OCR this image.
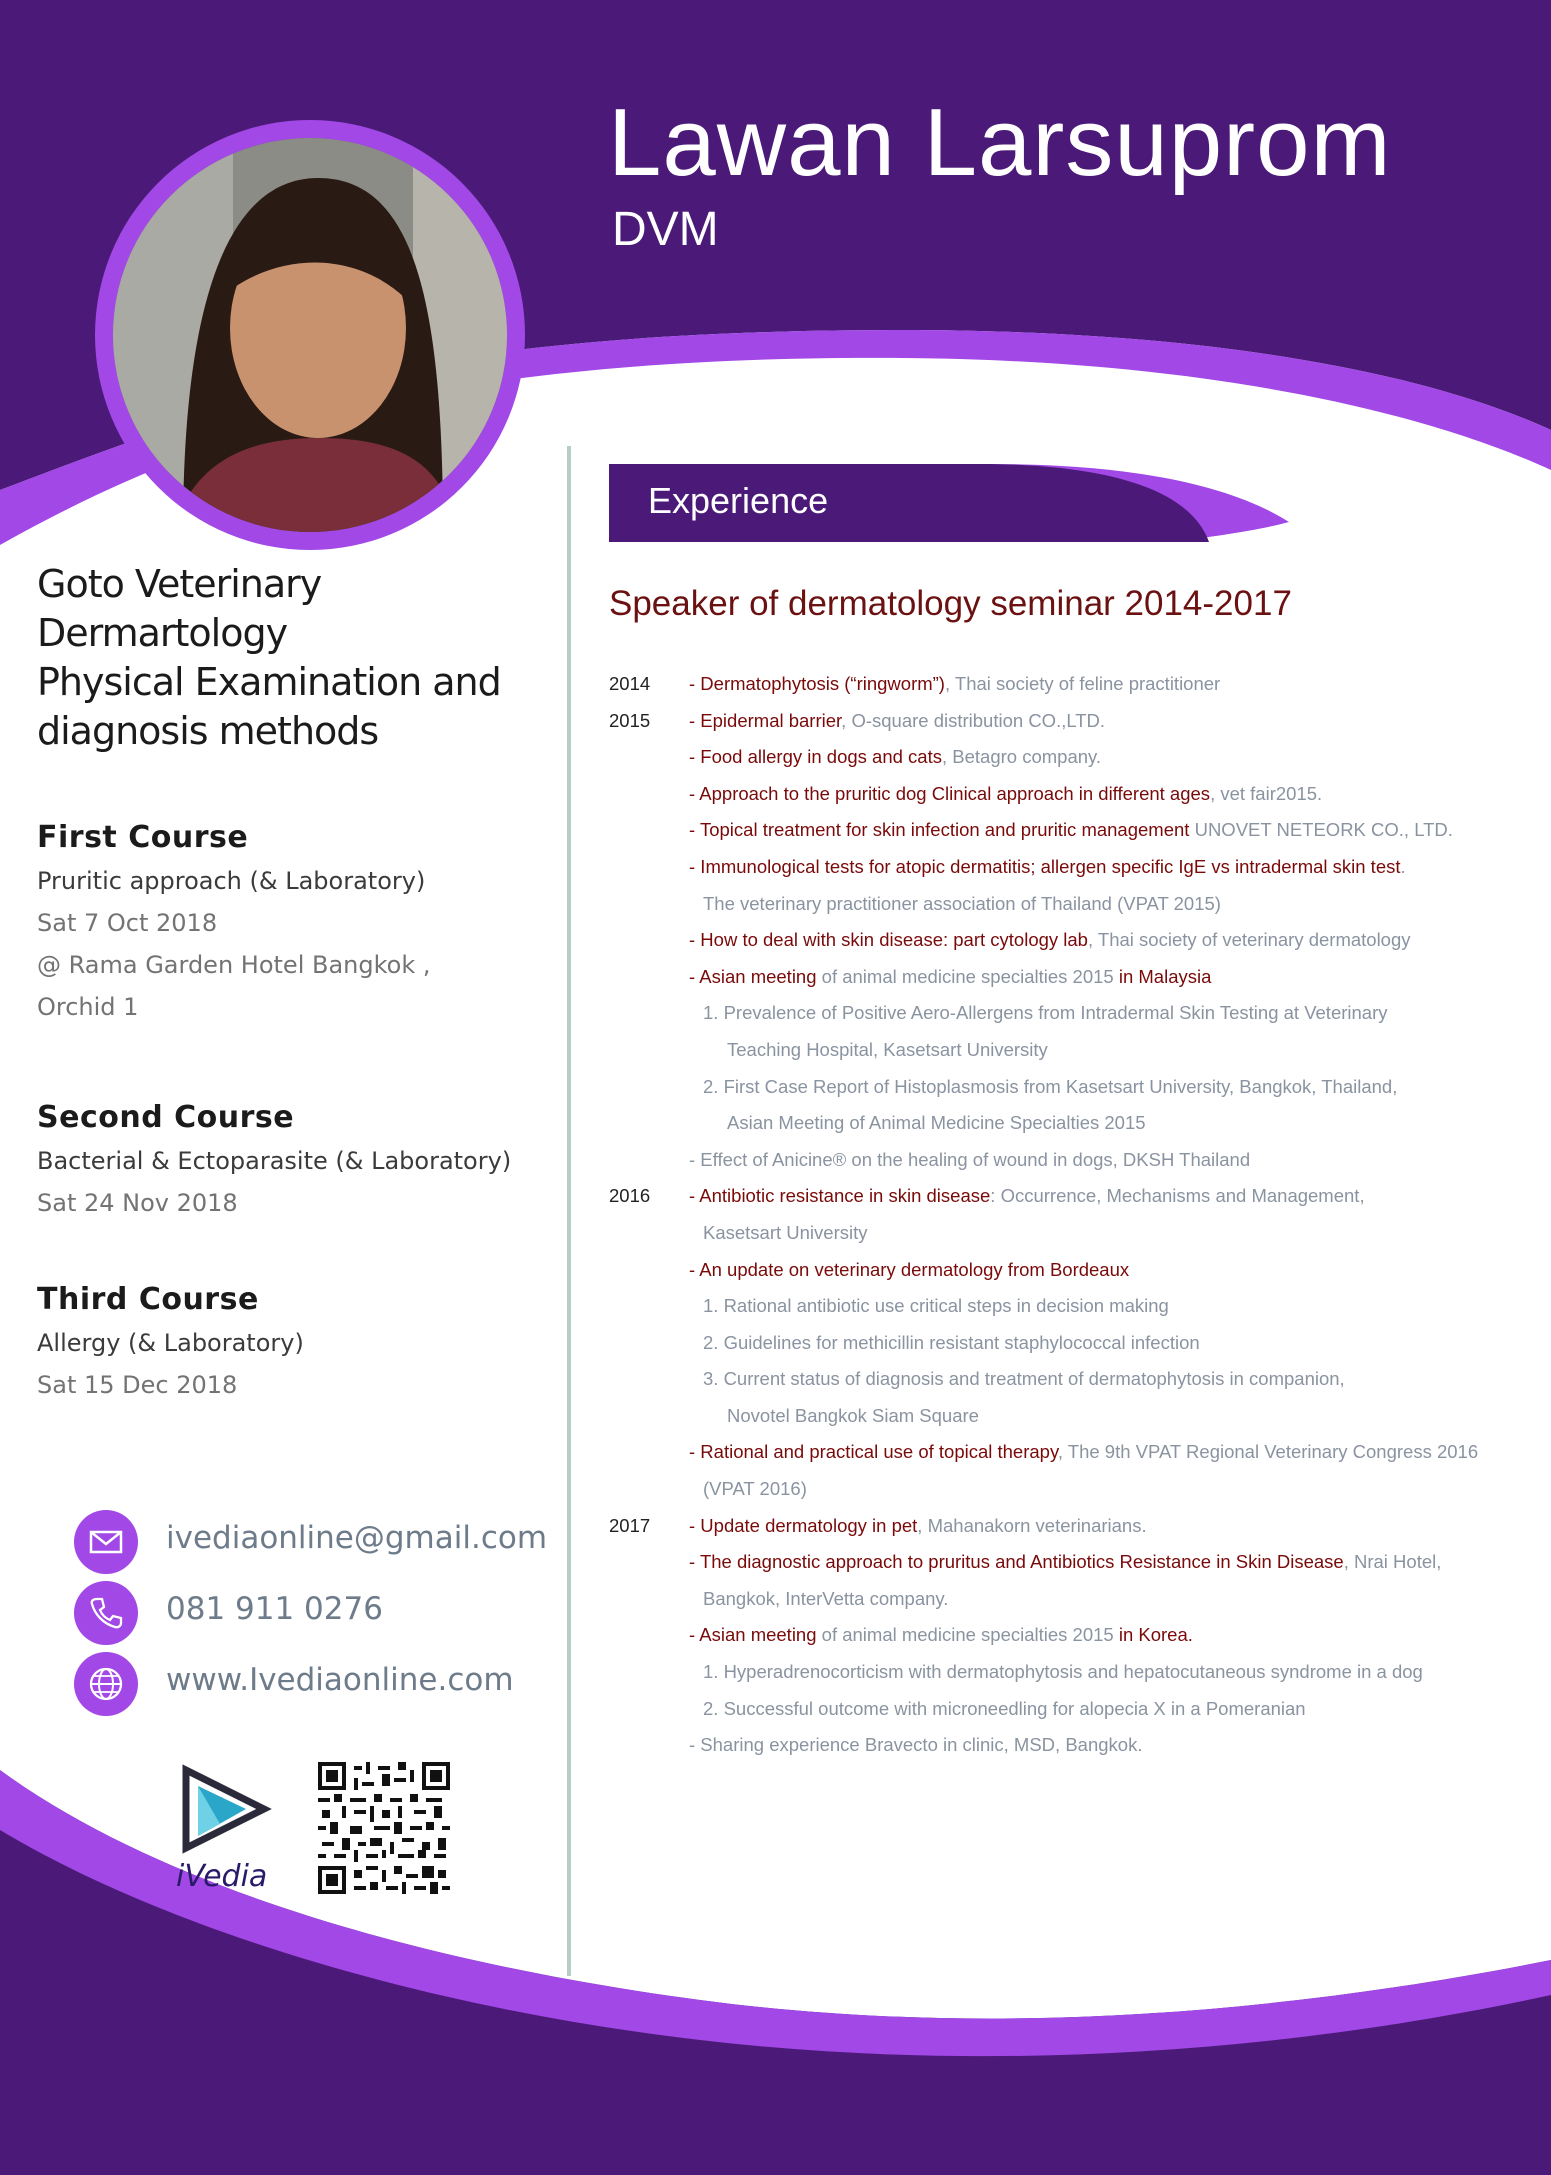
Lawan Larsuprom
DVM
Goto Veterinary Dermartology
Physical Examination and
diagnosis methods
First Course
Pruritic approach (& Laboratory)
Sat 7 Oct 2018
@ Rama Garden Hotel Bangkok ,
Orchid 1
Second Course
Bacterial & Ectoparasite (& Laboratory)
Sat 24 Nov 2018
Third Course
Allergy (& Laboratory)
Sat 15 Dec 2018
ivediaonline@gmail.com
081 911 0276
www.Ivediaonline.com
iVedia
Experience
Speaker of dermatology seminar 2014-2017
2014 - Dermatophytosis (“ringworm”), Thai society of feline practitioner
2015 - Epidermal barrier, O-square distribution CO.,LTD.
- Food allergy in dogs and cats, Betagro company.
- Approach to the pruritic dog Clinical approach in different ages, vet fair2015.
- Topical treatment for skin infection and pruritic management UNOVET NETEORK CO., LTD.
- Immunological tests for atopic dermatitis; allergen specific IgE vs intradermal skin test.
The veterinary practitioner association of Thailand (VPAT 2015)
- How to deal with skin disease: part cytology lab, Thai society of veterinary dermatology
- Asian meeting of animal medicine specialties 2015 in Malaysia
1. Prevalence of Positive Aero-Allergens from Intradermal Skin Testing at Veterinary
Teaching Hospital, Kasetsart University
2. First Case Report of Histoplasmosis from Kasetsart University, Bangkok, Thailand,
Asian Meeting of Animal Medicine Specialties 2015
- Effect of Anicine® on the healing of wound in dogs, DKSH Thailand
2016 - Antibiotic resistance in skin disease: Occurrence, Mechanisms and Management,
Kasetsart University
- An update on veterinary dermatology from Bordeaux
1. Rational antibiotic use critical steps in decision making
2. Guidelines for methicillin resistant staphylococcal infection
3. Current status of diagnosis and treatment of dermatophytosis in companion,
Novotel Bangkok Siam Square
- Rational and practical use of topical therapy, The 9th VPAT Regional Veterinary Congress 2016
(VPAT 2016)
2017 - Update dermatology in pet, Mahanakorn veterinarians.
- The diagnostic approach to pruritus and Antibiotics Resistance in Skin Disease, Nrai Hotel,
Bangkok, InterVetta company.
- Asian meeting of animal medicine specialties 2015 in Korea.
1. Hyperadrenocorticism with dermatophytosis and hepatocutaneous syndrome in a dog
2. Successful outcome with microneedling for alopecia X in a Pomeranian
- Sharing experience Bravecto in clinic, MSD, Bangkok.
